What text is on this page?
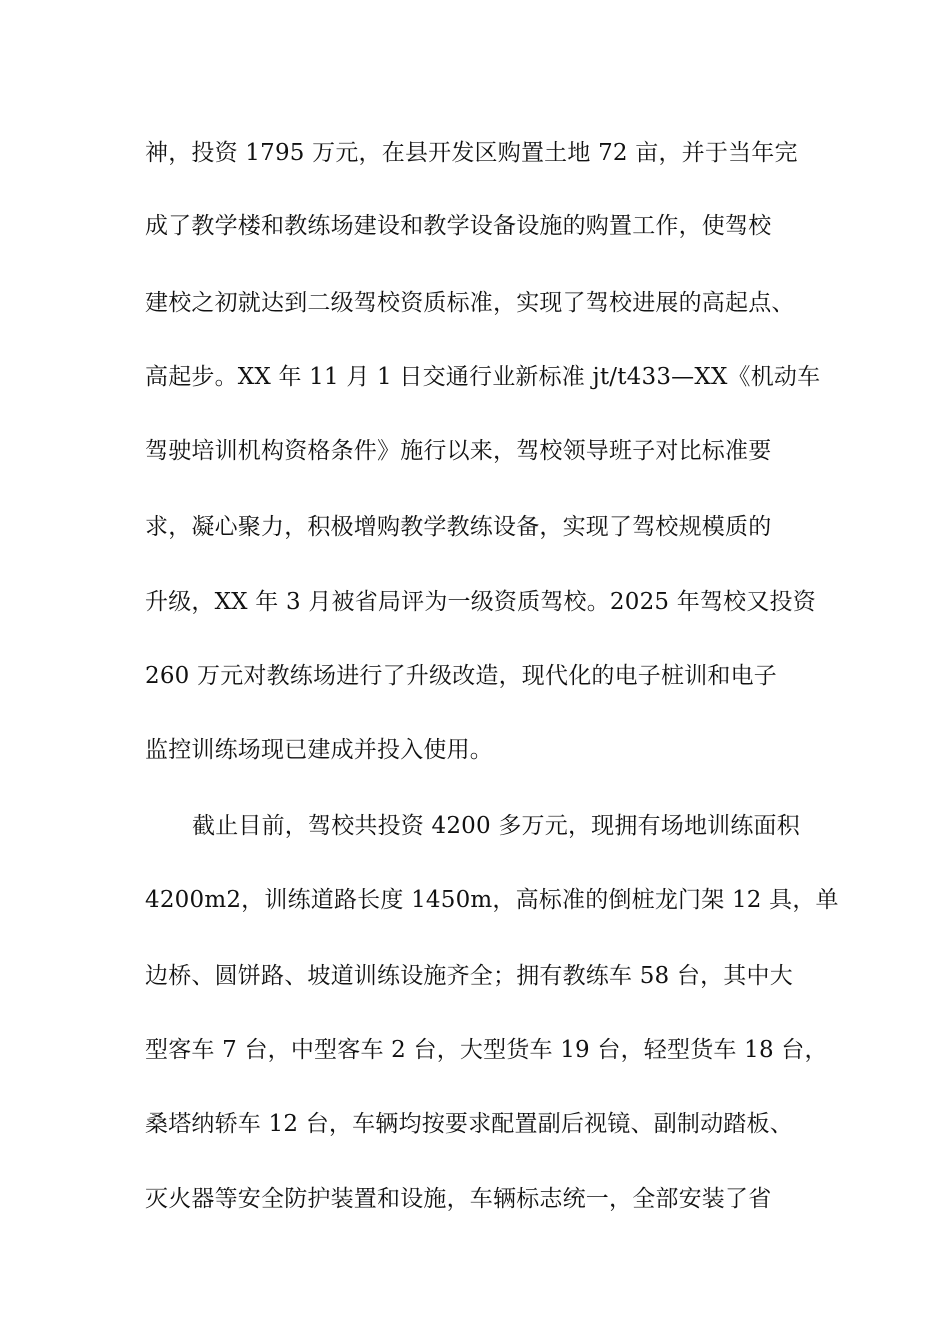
神，投资 1795 万元，在县开发区购置土地 72 亩，并于当年完
成了教学楼和教练场建设和教学设备设施的购置工作，使驾校
建校之初就达到二级驾校资质标准，实现了驾校进展的高起点、
高起步。XX 年 11 月 1 日交通行业新标准 jt/t433—XX《机动车
驾驶培训机构资格条件》施行以来，驾校领导班子对比标准要
求，凝心聚力，积极增购教学教练设备，实现了驾校规模质的
升级，XX 年 3 月被省局评为一级资质驾校。2025 年驾校又投资
260 万元对教练场进行了升级改造，现代化的电子桩训和电子
监控训练场现已建成并投入使用。
截止目前，驾校共投资 4200 多万元，现拥有场地训练面积
4200m2，训练道路长度 1450m，高标准的倒桩龙门架 12 具，单
边桥、圆饼路、坡道训练设施齐全；拥有教练车 58 台，其中大
型客车 7 台，中型客车 2 台，大型货车 19 台，轻型货车 18 台，
桑塔纳轿车 12 台，车辆均按要求配置副后视镜、副制动踏板、
灭火器等安全防护装置和设施，车辆标志统一，全部安装了省
